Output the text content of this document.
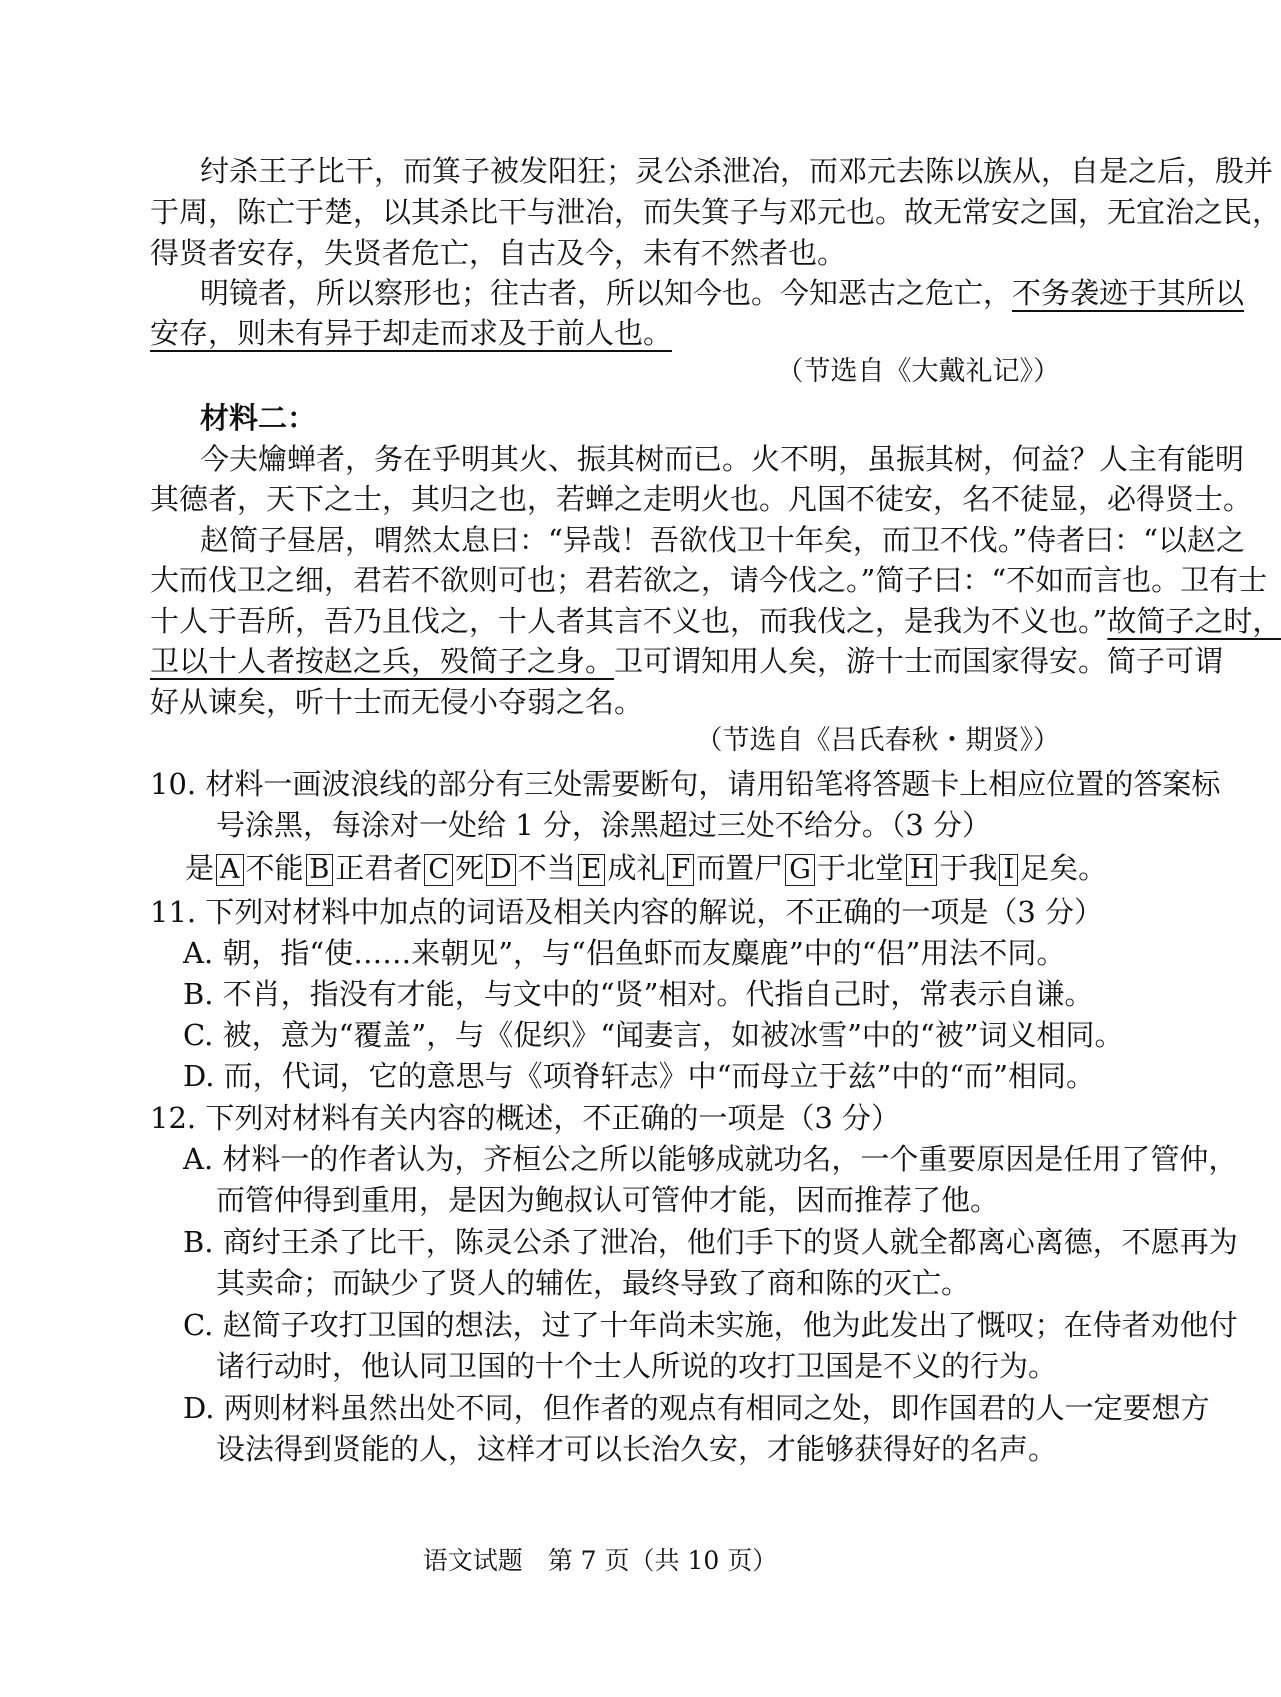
纣杀王子比干，而箕子被发阳狂；灵公杀泄冶，而邓元去陈以族从，自是之后，殷并
于周，陈亡于楚，以其杀比干与泄冶，而失箕子与邓元也。故无常安之国，无宜治之民，
得贤者安存，失贤者危亡，自古及今，未有不然者也。
明镜者，所以察形也；往古者，所以知今也。今知恶古之危亡，不务袭迹于其所以
安存，则未有异于却走而求及于前人也。
（节选自《大戴礼记》）
材料二：
今夫爚蝉者，务在乎明其火、振其树而已。火不明，虽振其树，何益？人主有能明
其德者，天下之士，其归之也，若蝉之走明火也。凡国不徒安，名不徒显，必得贤士。
赵简子昼居，喟然太息曰：“异哉！吾欲伐卫十年矣，而卫不伐。”侍者曰：“以赵之
大而伐卫之细，君若不欲则可也；君若欲之，请今伐之。”简子曰：“不如而言也。卫有士
十人于吾所，吾乃且伐之，十人者其言不义也，而我伐之，是我为不义也。”故简子之时，
卫以十人者按赵之兵，殁简子之身。卫可谓知用人矣，游十士而国家得安。简子可谓
好从谏矣，听十士而无侵小夺弱之名。
（节选自《吕氏春秋・期贤》）
10. 材料一画波浪线的部分有三处需要断句，请用铅笔将答题卡上相应位置的答案标
号涂黑，每涂对一处给 1 分，涂黑超过三处不给分。（3 分）
是 A 不能 B 正君者 C 死 D 不当 E 成礼 F 而置尸 G 于北堂 H 于我 I 足矣。
11. 下列对材料中加点的词语及相关内容的解说，不正确的一项是（3 分）
A. 朝，指“使……来朝见”，与“侣鱼虾而友麋鹿”中的“侣”用法不同。
B. 不肖，指没有才能，与文中的“贤”相对。代指自己时，常表示自谦。
C. 被，意为“覆盖”，与《促织》“闻妻言，如被冰雪”中的“被”词义相同。
D. 而，代词，它的意思与《项脊轩志》中“而母立于兹”中的“而”相同。
12. 下列对材料有关内容的概述，不正确的一项是（3 分）
A. 材料一的作者认为，齐桓公之所以能够成就功名，一个重要原因是任用了管仲，
而管仲得到重用，是因为鲍叔认可管仲才能，因而推荐了他。
B. 商纣王杀了比干，陈灵公杀了泄冶，他们手下的贤人就全都离心离德，不愿再为
其卖命；而缺少了贤人的辅佐，最终导致了商和陈的灭亡。
C. 赵简子攻打卫国的想法，过了十年尚未实施，他为此发出了慨叹；在侍者劝他付
诸行动时，他认同卫国的十个士人所说的攻打卫国是不义的行为。
D. 两则材料虽然出处不同，但作者的观点有相同之处，即作国君的人一定要想方
设法得到贤能的人，这样才可以长治久安，才能够获得好的名声。
语文试题　第 7 页（共 10 页）
